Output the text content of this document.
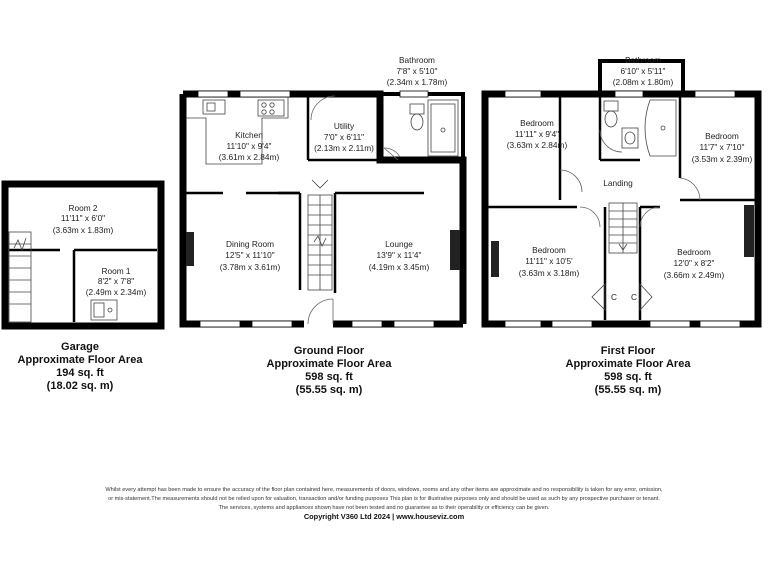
Room 2
11'11" x 6'0"
(3.63m x 1.83m)
Room 1
8'2" x 7'8"
(2.49m x 2.34m)
Kitchen
11'10" x 9'4"
(3.61m x 2.84m)
Utility
7'0" x 6'11"
(2.13m x 2.11m)
Bathroom
7'8" x 5'10"
(2.34m x 1.78m)
Dining Room
12'5" x 11'10"
(3.78m x 3.61m)
Lounge
13'9" x 11'4"
(4.19m x 3.45m)
Bedroom
11'11" x 9'4"
(3.63m x 2.84m)
Bathroom
6'10" x 5'11"
(2.08m x 1.80m)
Bedroom
11'7" x 7'10"
(3.53m x 2.39m)
Landing
Bedroom
11'11" x 10'5'
(3.63m x 3.18m)
Bedroom
12'0" x 8'2"
(3.66m x 2.49m)
C C
Garage
Approximate Floor Area
194 sq. ft
(18.02 sq. m)
Ground Floor
Approximate Floor Area
598 sq. ft
(55.55 sq. m)
First Floor
Approximate Floor Area
598 sq. ft
(55.55 sq. m)
Whilst every attempt has been made to ensure the accuracy of the floor plan contained here, measurements of doors, windows, rooms and any other items are approximate and no responsibility is taken for any error, omission,
or mis-statement.The measurements should not be relied upon for valuation, transaction and/or funding purposes This plan is for illustrative purposes only and should be used as such by any prospective purchaser or tenant.
The services, systems and appliances shown have not been tested and no guarantee as to their operability or efficiency can be given.
Copyright V360 Ltd 2024 | www.houseviz.com
